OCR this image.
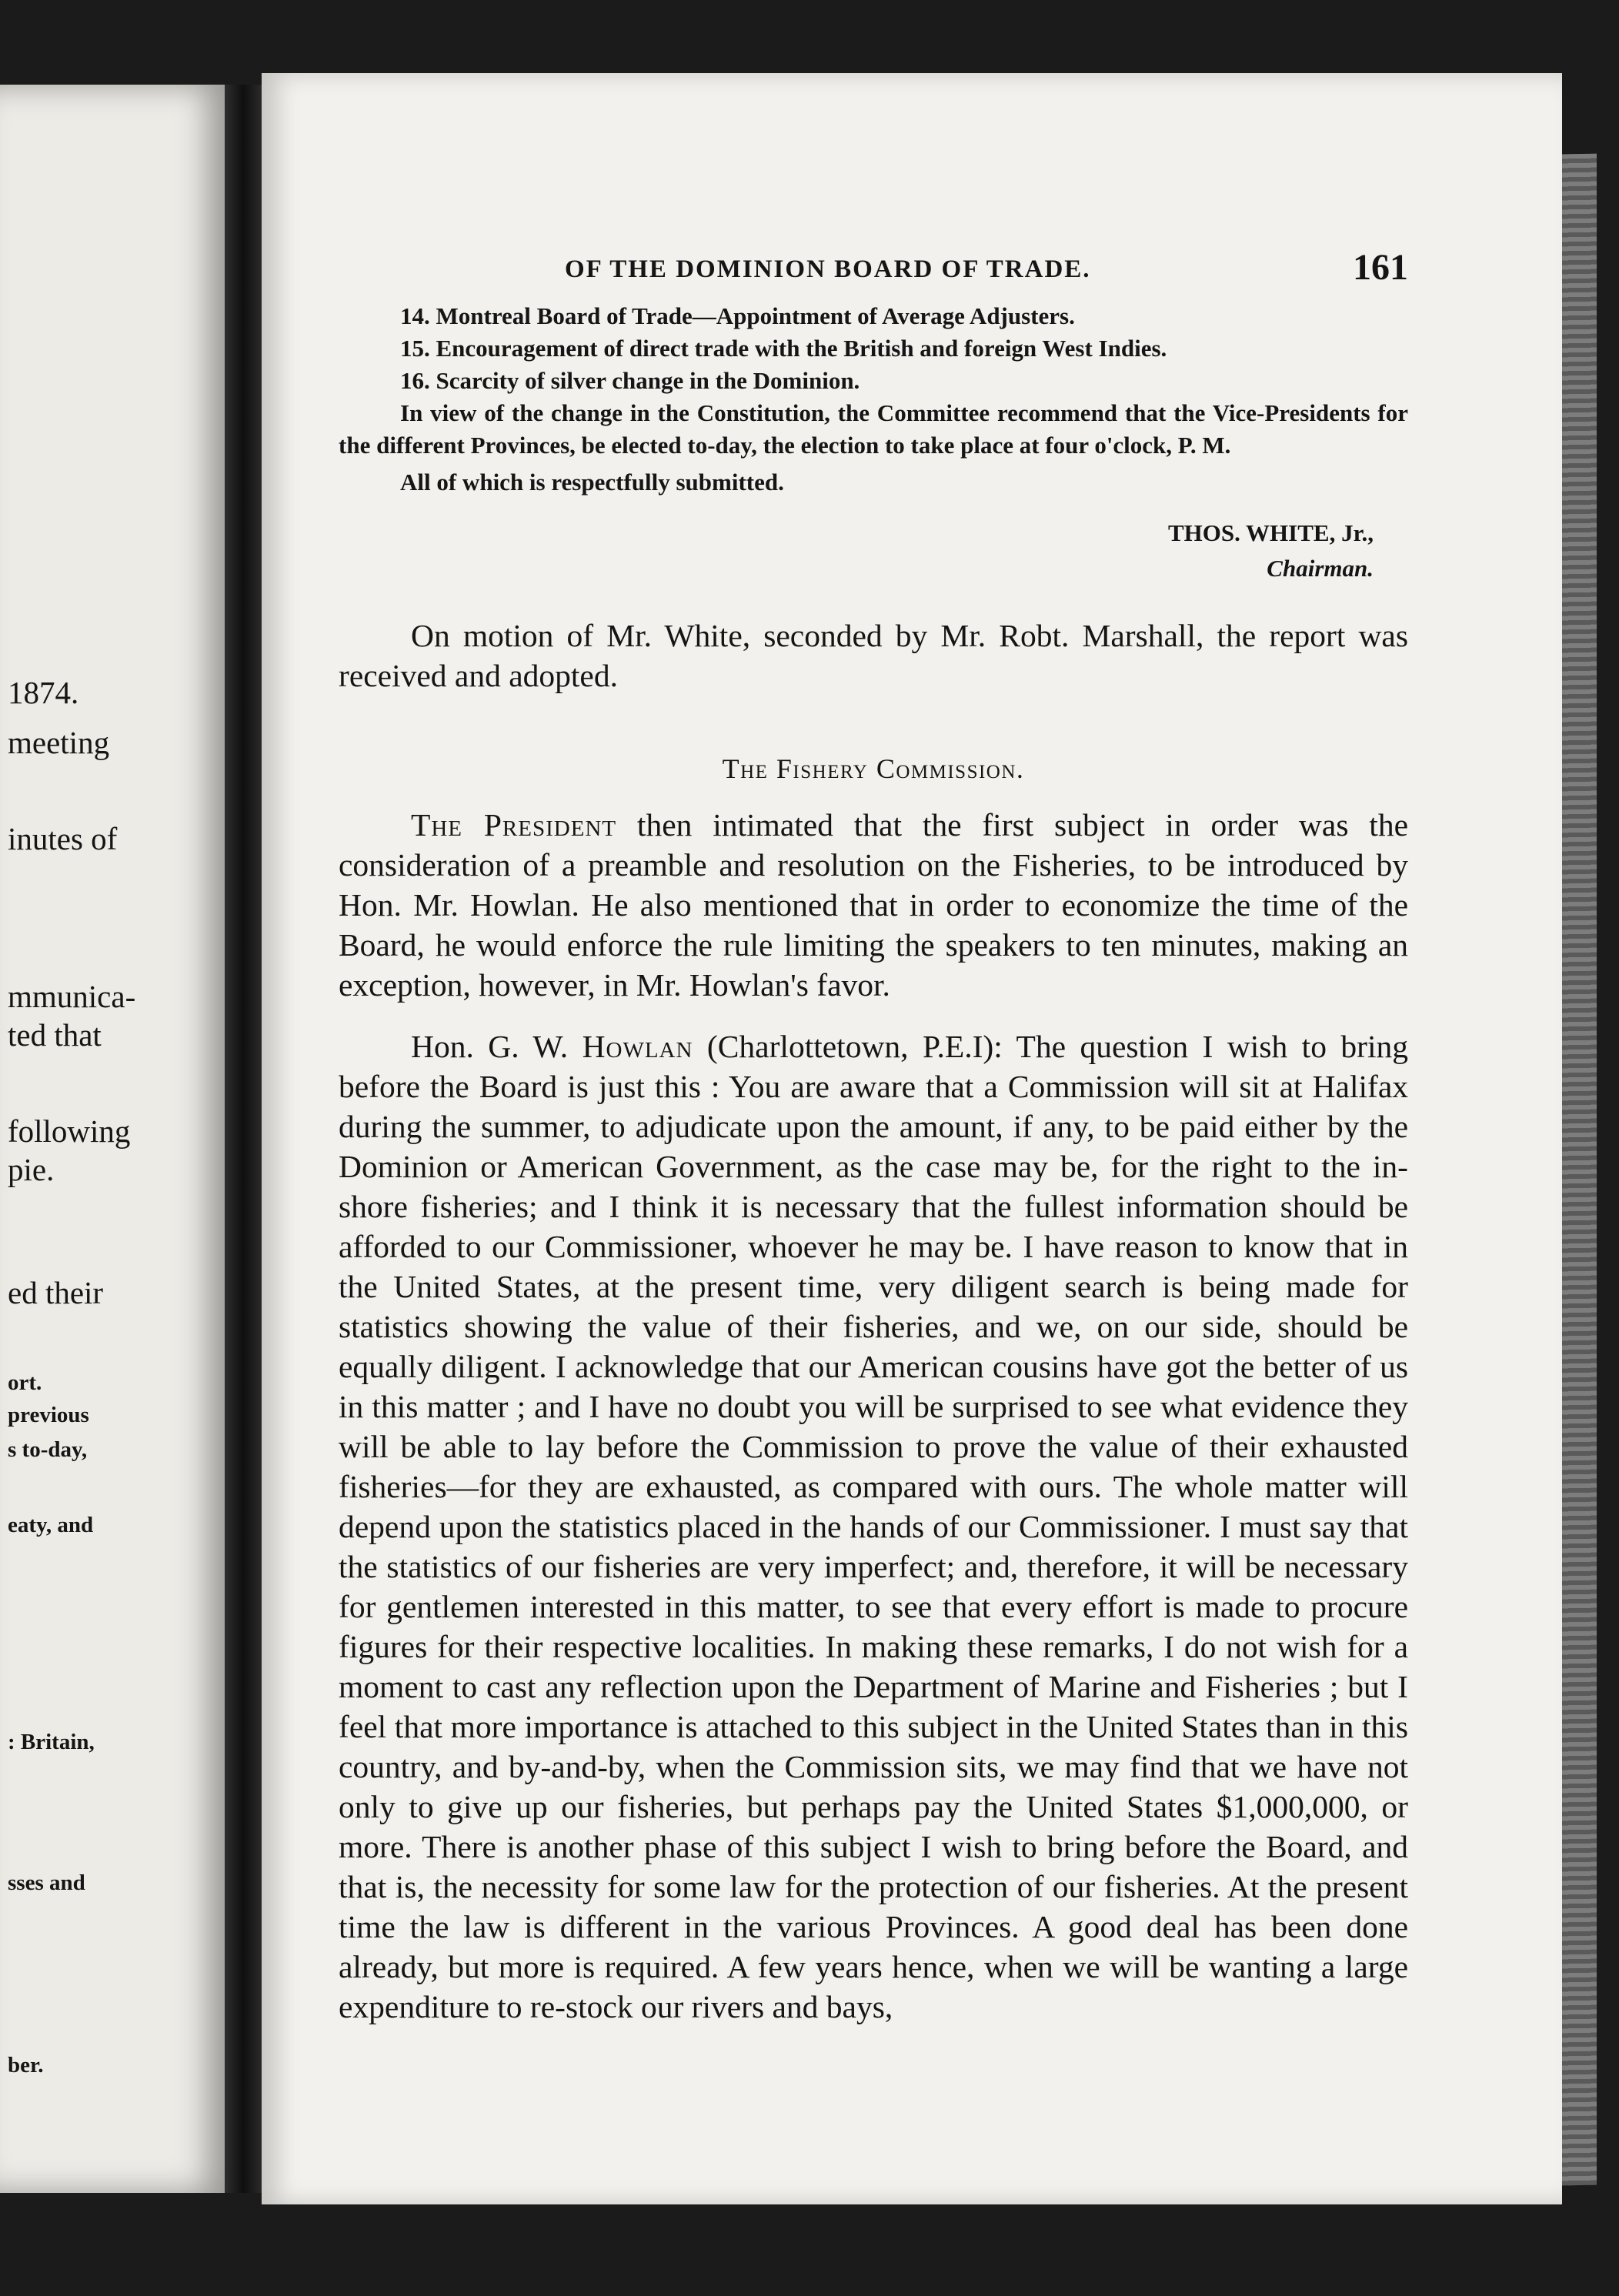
1874.
meeting
inutes of
mmunica-
ted that
following
pie.
ed their
ort.
previous
s to-day,
eaty, and
: Britain,
sses and
ber.
OF THE DOMINION BOARD OF TRADE.	161
14. Montreal Board of Trade—Appointment of Average Adjusters.
15. Encouragement of direct trade with the British and foreign West Indies.
16. Scarcity of silver change in the Dominion.

In view of the change in the Constitution, the Committee recommend that the Vice-Presidents for the different Provinces, be elected to-day, the election to take place at four o'clock, P. M.

All of which is respectfully submitted.

THOS. WHITE, Jr.,
Chairman.

On motion of Mr. White, seconded by Mr. Robt. Marshall, the report was received and adopted.

The Fishery Commission.

The President then intimated that the first subject in order was the consideration of a preamble and resolution on the Fisheries, to be introduced by Hon. Mr. Howlan. He also mentioned that in order to economize the time of the Board, he would enforce the rule limiting the speakers to ten minutes, making an exception, however, in Mr. Howlan's favor.

Hon. G. W. Howlan (Charlottetown, P.E.I): The question I wish to bring before the Board is just this : You are aware that a Commission will sit at Halifax during the summer, to adjudicate upon the amount, if any, to be paid either by the Dominion or American Government, as the case may be, for the right to the in-shore fisheries; and I think it is necessary that the fullest information should be afforded to our Commissioner, whoever he may be. I have reason to know that in the United States, at the present time, very diligent search is being made for statistics showing the value of their fisheries, and we, on our side, should be equally diligent. I acknowledge that our American cousins have got the better of us in this matter ; and I have no doubt you will be surprised to see what evidence they will be able to lay before the Commission to prove the value of their exhausted fisheries—for they are exhausted, as compared with ours. The whole matter will depend upon the statistics placed in the hands of our Commissioner. I must say that the statistics of our fisheries are very imperfect; and, therefore, it will be necessary for gentlemen interested in this matter, to see that every effort is made to procure figures for their respective localities. In making these remarks, I do not wish for a moment to cast any reflection upon the Department of Marine and Fisheries ; but I feel that more importance is attached to this subject in the United States than in this country, and by-and-by, when the Commission sits, we may find that we have not only to give up our fisheries, but perhaps pay the United States $1,000,000, or more. There is another phase of this subject I wish to bring before the Board, and that is, the necessity for some law for the protection of our fisheries. At the present time the law is different in the various Provinces. A good deal has been done already, but more is required. A few years hence, when we will be wanting a large expenditure to re-stock our rivers and bays,
